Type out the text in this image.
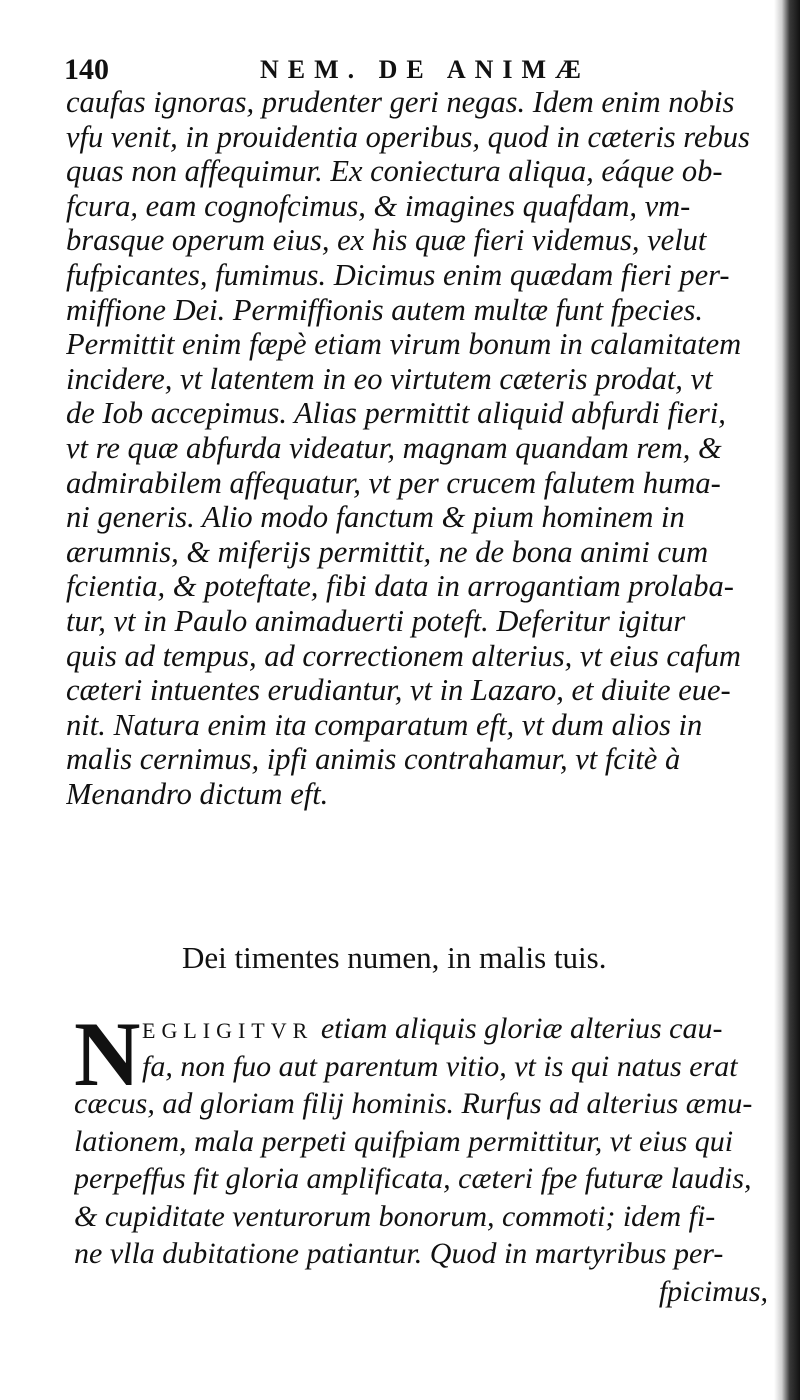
140	NEM. DE ANIMÆ
caufas ignoras, prudenter geri negas. Idem enim nobis
vfu venit, in prouidentia operibus, quod in cæteris rebus
quas non affequimur. Ex coniectura aliqua, eáque ob-
fcura, eam cognofcimus, & imagines quafdam, vm-
brasque operum eius, ex his quæ fieri videmus, velut
fufpicantes, fumimus. Dicimus enim quædam fieri per-
miffione Dei. Permiffionis autem multæ funt fpecies.
Permittit enim fæpè etiam virum bonum in calamitatem
incidere, vt latentem in eo virtutem cæteris prodat, vt
de Iob accepimus. Alias permittit aliquid abfurdi fieri,
vt re quæ abfurda videatur, magnam quandam rem, &
admirabilem affequatur, vt per crucem falutem huma-
ni generis. Alio modo fanctum & pium hominem in
ærumnis, & miferijs permittit, ne de bona animi cum
fcientia, & poteftate, fibi data in arrogantiam prolaba-
tur, vt in Paulo animaduerti poteft. Deferitur igitur
quis ad tempus, ad correctionem alterius, vt eius cafum
cæteri intuentes erudiantur, vt in Lazaro, et diuite eue-
nit. Natura enim ita comparatum eft, vt dum alios in
malis cernimus, ipfi animis contrahamur, vt fcitè à
Menandro dictum eft.
Dei timentes numen, in malis tuis.
N EGLIGITVR etiam aliquis gloriæ alterius cau-
fa, non fuo aut parentum vitio, vt is qui natus erat
cæcus, ad gloriam filij hominis. Rurfus ad alterius æmu-
lationem, mala perpeti quifpiam permittitur, vt eius qui
perpeffus fit gloria amplificata, cæteri fpe futuræ laudis,
& cupiditate venturorum bonorum, commoti; idem fi-
ne vlla dubitatione patiantur. Quod in martyribus per-
fpicimus,
